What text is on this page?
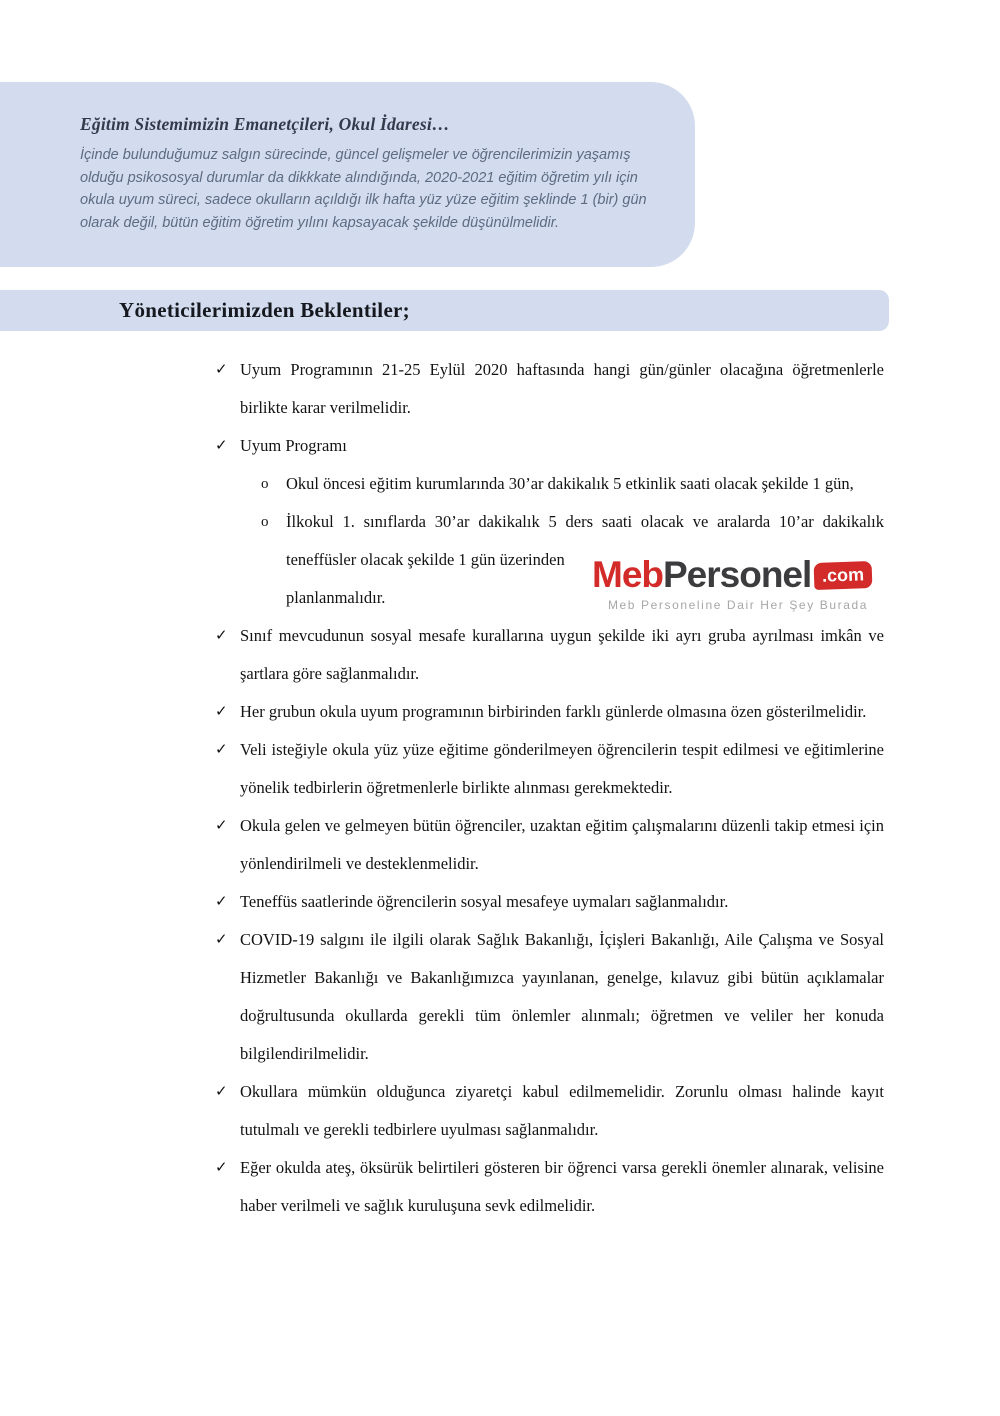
Eğitim Sistemimizin Emanetçileri, Okul İdaresi…
İçinde bulunduğumuz salgın sürecinde, güncel gelişmeler ve öğrencilerimizin yaşamış olduğu psikososyal durumlar da dikkkate alındığında, 2020-2021 eğitim öğretim yılı için okula uyum süreci, sadece okulların açıldığı ilk hafta yüz yüze eğitim şeklinde 1 (bir) gün olarak değil, bütün eğitim öğretim yılını kapsayacak şekilde düşünülmelidir.
Yöneticilerimizden Beklentiler;
✓ Uyum Programının 21-25 Eylül 2020 haftasında hangi gün/günler olacağına öğretmenlerle birlikte karar verilmelidir.

✓ Uyum Programı

o Okul öncesi eğitim kurumlarında 30’ar dakikalık 5 etkinlik saati olacak şekilde 1 gün,

o İlkokul 1. sınıflarda 30’ar dakikalık 5 ders saati olacak ve aralarda 10’ar dakikalık teneffüsler olacak şekilde 1 gün üzerinden
planlanmalıdır.

✓ Sınıf mevcudunun sosyal mesafe kurallarına uygun şekilde iki ayrı gruba ayrılması imkân ve şartlara göre sağlanmalıdır.

✓ Her grubun okula uyum programının birbirinden farklı günlerde olmasına özen gösterilmelidir.

✓ Veli isteğiyle okula yüz yüze eğitime gönderilmeyen öğrencilerin tespit edilmesi ve eğitimlerine yönelik tedbirlerin öğretmenlerle birlikte alınması gerekmektedir.

✓ Okula gelen ve gelmeyen bütün öğrenciler, uzaktan eğitim çalışmalarını düzenli takip etmesi için yönlendirilmeli ve desteklenmelidir.

✓ Teneffüs saatlerinde öğrencilerin sosyal mesafeye uymaları sağlanmalıdır.

✓ COVID-19 salgını ile ilgili olarak Sağlık Bakanlığı, İçişleri Bakanlığı, Aile Çalışma ve Sosyal Hizmetler Bakanlığı ve Bakanlığımızca yayınlanan, genelge, kılavuz gibi bütün açıklamalar doğrultusunda okullarda gerekli tüm önlemler alınmalı; öğretmen ve veliler her konuda bilgilendirilmelidir.

✓ Okullara mümkün olduğunca ziyaretçi kabul edilmemelidir. Zorunlu olması halinde kayıt tutulmalı ve gerekli tedbirlere uyulması sağlanmalıdır.

✓ Eğer okulda ateş, öksürük belirtileri gösteren bir öğrenci varsa gerekli önemler alınarak, velisine haber verilmeli ve sağlık kuruluşuna sevk edilmelidir.

Meb Personel .com
Meb Personeline Dair Her Şey Burada
